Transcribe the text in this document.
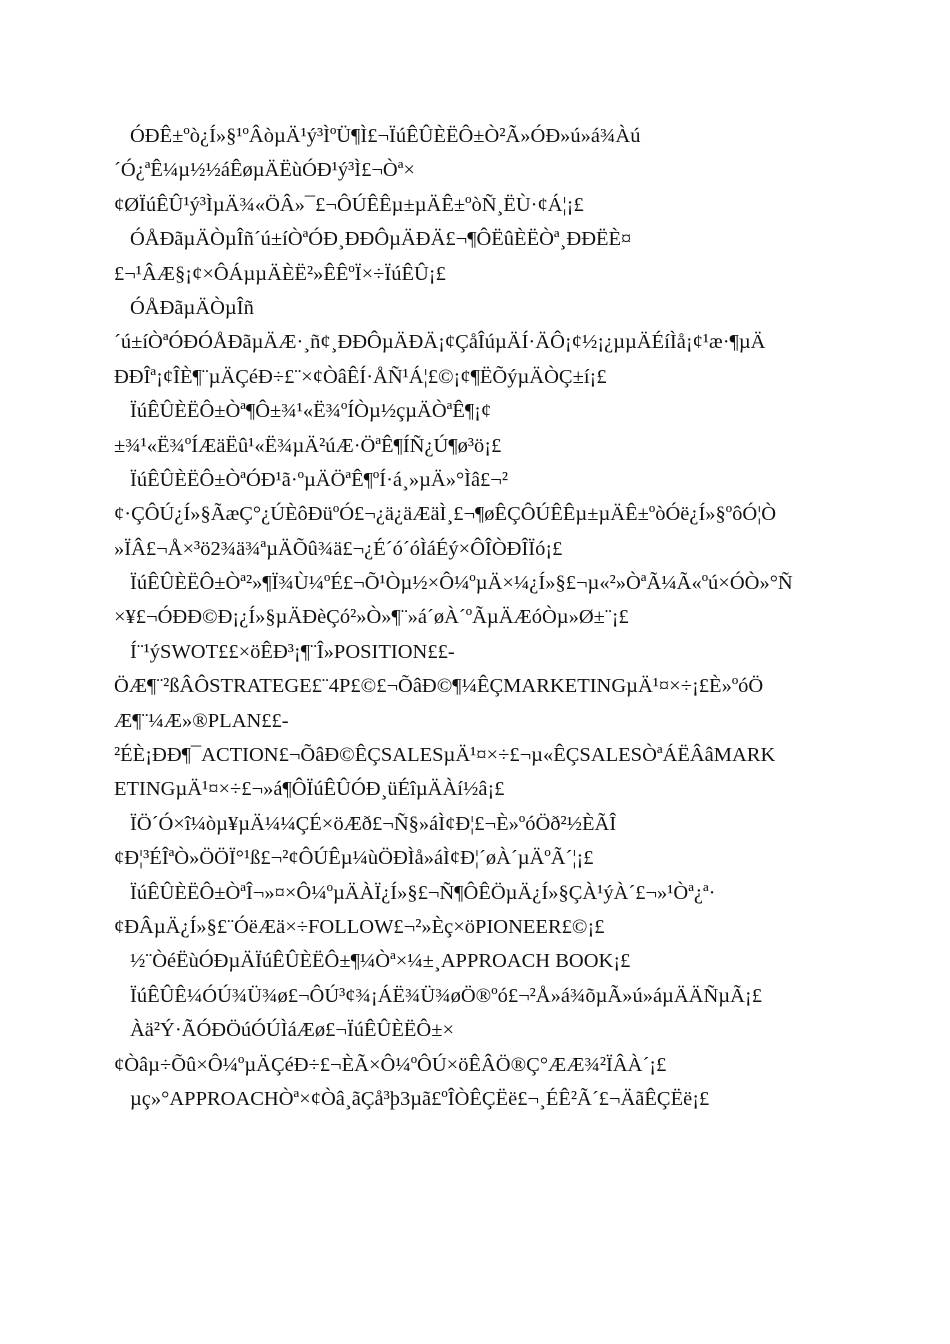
ÓÐÊ±ºò¿Í»§¹ºÂòµÄ¹ý³ÌºÜ¶Ì£¬ÏúÊÛÈËÔ±Ò²Ã»ÓÐ»ú»á¾Àú
´Ó¿ªÊ¼µ½½áÊøµÄËùÓÐ¹ý³Ì£¬Òª×
¢ØÏúÊÛ¹ý³ÌµÄ¾«ÖÂ»¯£¬ÔÚÊÊµ±µÄÊ±ºòÑ¸ËÙ·¢Á¦¡£
ÓÅÐãµÄÒµÎñ´ú±íÒªÓÐ¸ÐÐÔµÄÐÄ£¬¶ÔËûÈËÒª¸ÐÐËÈ¤
£¬¹ÂÆ§¡¢×ÔÁµµÄÈË²»ÊÊºÏ×÷ÏúÊÛ¡£
ÓÅÐãµÄÒµÎñ
´ú±íÒªÓÐÓÅÐãµÄÆ·¸ñ¢¸ÐÐÔµÄÐÄ¡¢ÇåÎúµÄÍ·ÄÔ¡¢½¡¿µµÄÉíÌå¡¢¹æ·¶µÄ
ÐÐÎª¡¢ÎÈ¶¨µÄÇéÐ÷£¨×¢ÒâÊÍ·ÅÑ¹Á¦£©¡¢¶ËÕýµÄÒÇ±í¡£
ÏúÊÛÈËÔ±Òª¶Ô±¾¹«Ë¾ºÍÒµ½çµÄÒªÊ¶¡¢
±¾¹«Ë¾ºÍÆäËû¹«Ë¾µÄ²úÆ·ÖªÊ¶ÍÑ¿Ú¶ø³ö¡£
ÏúÊÛÈËÔ±ÒªÓÐ¹ã·ºµÄÖªÊ¶ºÍ·á¸»µÄ»°Ìâ£¬²
¢·ÇÔÚ¿Í»§ÃæÇ°¿ÚÈôÐüºÓ£¬¿ä¿äÆäÌ¸£¬¶øÊÇÔÚÊÊµ±µÄÊ±ºòÓë¿Í»§ºôÓ¦Ò
»ÏÂ£¬Å×³ö2¾ä¾ªµÄÕû¾ä£¬¿É´ó´óÌáÉý×ÔÎÒÐÎÏó¡£
ÏúÊÛÈËÔ±Òª²»¶Ï¾Ù¼ºÉ£¬Õ¹Òµ½×Ô¼ºµÄ×¼¿Í»§£¬µ«²»ÒªÃ¼Ã«ºú×ÓÒ»°Ñ
×¥£¬ÓÐÐ©Ð¡¿Í»§µÄÐèÇó²»Ò»¶¨»á´øÀ´ºÃµÄÆóÒµ»Ø±¨¡£
Í¨¹ýSWOT££×öÊÐ³¡¶¨Î»POSITION££-
ÖÆ¶¨²ßÂÔSTRATEGE£¨4P£©£¬ÕâÐ©¶¼ÊÇMARKETINGµÄ¹¤×÷¡£È»ºóÖ
Æ¶¨¼Æ»®PLAN££-
²ÉÈ¡ÐÐ¶¯ACTION£¬ÕâÐ©ÊÇSALESµÄ¹¤×÷£¬µ«ÊÇSALESÒªÁËÂâMARK
ETINGµÄ¹¤×÷£¬»á¶ÔÏúÊÛÓÐ¸üÉîµÄÀí½â¡£
ÏÖ´Ó×î¼òµ¥µÄ¼¼ÇÉ×öÆð£¬Ñ§»áÌ¢Ð¦£¬È»ºóÖð²½ÈÃÎ
¢Ð¦³ÉÎªÒ»ÖÖÏ°¹ß£¬²¢ÔÚÊµ¼ùÖÐÌå»áÌ¢Ð¦´øÀ´µÄºÃ´¦¡£
ÏúÊÛÈËÔ±ÒªÎ¬»¤×Ô¼ºµÄÀÏ¿Í»§£¬Ñ¶ÔÊÖµÄ¿Í»§ÇÀ¹ýÀ´£¬»¹Òª¿ª·
¢ÐÂµÄ¿Í»§£¨ÓëÆä×÷FOLLOW£¬²»Èç×öPIONEER£©¡£
½¨ÒéËùÓÐµÄÏúÊÛÈËÔ±¶¼Òª×¼±¸APPROACH BOOK¡£
ÏúÊÛÊ¼ÓÚ¾Ü¾ø£¬ÔÚ³¢¾¡ÁË¾Ü¾øÖ®ºó£¬²Å»á¾õµÃ»ú»áµÄÄÑµÃ¡£
Àä²Ý·ÃÓÐÖúÓÚÌáÆø£¬ÏúÊÛÈËÔ±×
¢Òâµ÷Õû×Ô¼ºµÄÇéÐ÷£¬ÈÃ×Ô¼ºÔÚ×öÊÂÖ®Ç°ÆÆ¾²ÏÂÀ´¡£
µç»°APPROACHÒª×¢Òâ¸ãÇå³þ3µã£ºÎÒÊÇËë£¬¸ÉÊ²Ã´£¬ÄãÊÇËë¡£
